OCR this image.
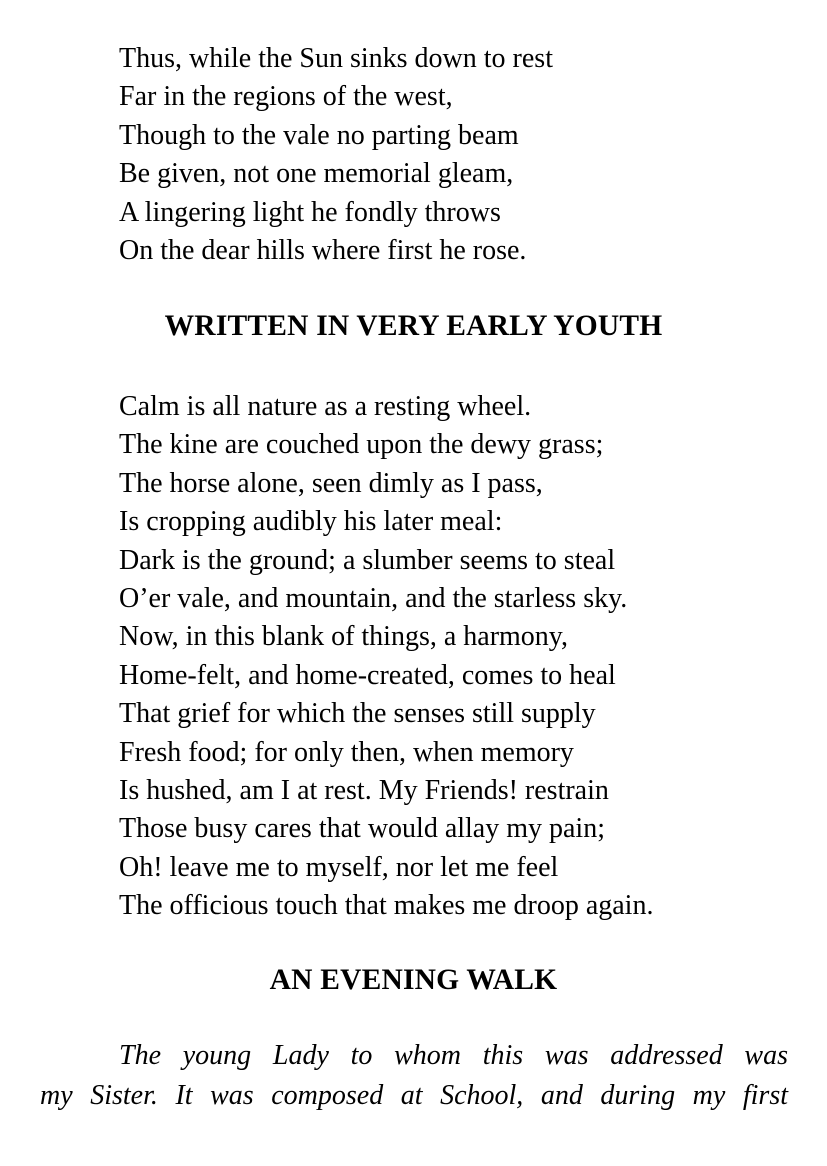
Thus, while the Sun sinks down to rest
Far in the regions of the west,
Though to the vale no parting beam
Be given, not one memorial gleam,
A lingering light he fondly throws
On the dear hills where first he rose.
WRITTEN IN VERY EARLY YOUTH
Calm is all nature as a resting wheel.
The kine are couched upon the dewy grass;
The horse alone, seen dimly as I pass,
Is cropping audibly his later meal:
Dark is the ground; a slumber seems to steal
O’er vale, and mountain, and the starless sky.
Now, in this blank of things, a harmony,
Home-felt, and home-created, comes to heal
That grief for which the senses still supply
Fresh food; for only then, when memory
Is hushed, am I at rest. My Friends! restrain
Those busy cares that would allay my pain;
Oh! leave me to myself, nor let me feel
The officious touch that makes me droop again.
AN EVENING WALK

The young Lady to whom this was addressed was
my Sister. It was composed at School, and during my first
